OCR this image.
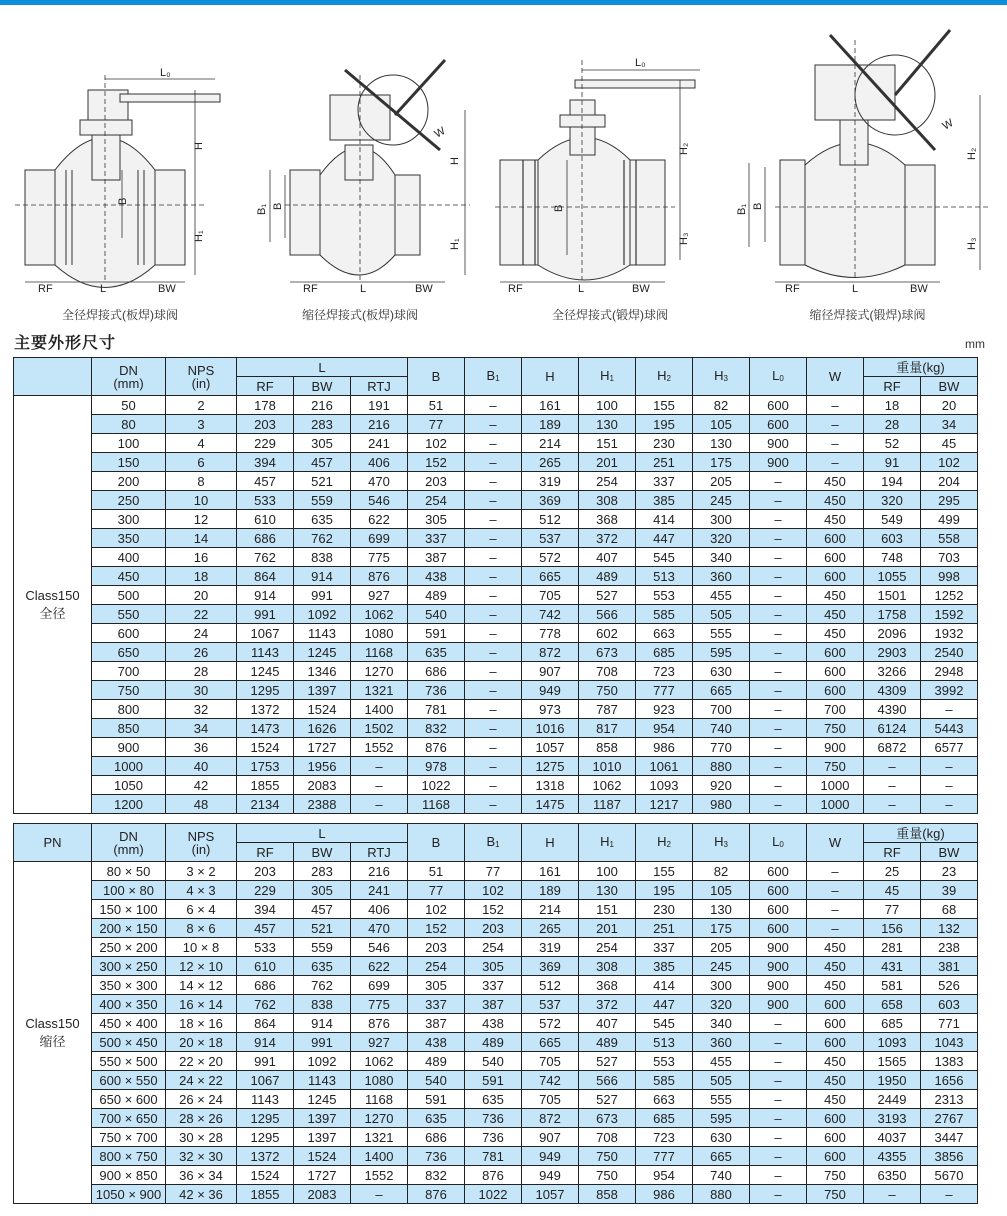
L₀
H
H₁
B
RF	L	BW
全径焊接式(板焊)球阀
W
H
H₁
B₁ B
RF	L	BW
缩径焊接式(板焊)球阀
L₀
H₂
H₃
B
RF	L	BW
全径焊接式(锻焊)球阀
W
H₂
H₃
B₁ B
RF	L	BW
缩径焊接式(锻焊)球阀
主要外形尺寸	mm

	DN
(mm)	NPS
(in)	L			B	$B_1$	H	$H_1$	$H_2$	$H_3$	$L_0$	W	重量(kg)	
			RF	BW	RTJ									RF	BW

Class150
全径	50	2	178	216	191	51	–	161	100	155	82	600	–	18	20
	80	3	203	283	216	77	–	189	130	195	105	600	–	28	34
	100	4	229	305	241	102	–	214	151	230	130	900	–	52	45
	150	6	394	457	406	152	–	265	201	251	175	900	–	91	102
	200	8	457	521	470	203	–	319	254	337	205	–	450	194	204
	250	10	533	559	546	254	–	369	308	385	245	–	450	320	295
	300	12	610	635	622	305	–	512	368	414	300	–	450	549	499
	350	14	686	762	699	337	–	537	372	447	320	–	600	603	558
	400	16	762	838	775	387	–	572	407	545	340	–	600	748	703
	450	18	864	914	876	438	–	665	489	513	360	–	600	1055	998
	500	20	914	991	927	489	–	705	527	553	455	–	450	1501	1252
	550	22	991	1092	1062	540	–	742	566	585	505	–	450	1758	1592
	600	24	1067	1143	1080	591	–	778	602	663	555	–	450	2096	1932
	650	26	1143	1245	1168	635	–	872	673	685	595	–	600	2903	2540
	700	28	1245	1346	1270	686	–	907	708	723	630	–	600	3266	2948
	750	30	1295	1397	1321	736	–	949	750	777	665	–	600	4309	3992
	800	32	1372	1524	1400	781	–	973	787	923	700	–	700	4390	–
	850	34	1473	1626	1502	832	–	1016	817	954	740	–	750	6124	5443
	900	36	1524	1727	1552	876	–	1057	858	986	770	–	900	6872	6577
	1000	40	1753	1956	–	978	–	1275	1010	1061	880	–	750	–	–
	1050	42	1855	2083	–	1022	–	1318	1062	1093	920	–	1000	–	–
	1200	48	2134	2388	–	1168	–	1475	1187	1217	980	–	1000	–	–
PN	DN
(mm)	NPS
(in)	L			B	$B_1$	H	$H_1$	$H_2$	$H_3$	$L_0$	W	重量(kg)	
			RF	BW	RTJ									RF	BW

Class150
缩径	80 × 50	3 × 2	203	283	216	51	77	161	100	155	82	600	–	25	23
	100 × 80	4 × 3	229	305	241	77	102	189	130	195	105	600	–	45	39
	150 × 100	6 × 4	394	457	406	102	152	214	151	230	130	600	–	77	68
	200 × 150	8 × 6	457	521	470	152	203	265	201	251	175	600	–	156	132
	250 × 200	10 × 8	533	559	546	203	254	319	254	337	205	900	450	281	238
	300 × 250	12 × 10	610	635	622	254	305	369	308	385	245	900	450	431	381
	350 × 300	14 × 12	686	762	699	305	337	512	368	414	300	900	450	581	526
	400 × 350	16 × 14	762	838	775	337	387	537	372	447	320	900	600	658	603
	450 × 400	18 × 16	864	914	876	387	438	572	407	545	340	–	600	685	771
	500 × 450	20 × 18	914	991	927	438	489	665	489	513	360	–	600	1093	1043
	550 × 500	22 × 20	991	1092	1062	489	540	705	527	553	455	–	450	1565	1383
	600 × 550	24 × 22	1067	1143	1080	540	591	742	566	585	505	–	450	1950	1656
	650 × 600	26 × 24	1143	1245	1168	591	635	705	527	663	555	–	450	2449	2313
	700 × 650	28 × 26	1295	1397	1270	635	736	872	673	685	595	–	600	3193	2767
	750 × 700	30 × 28	1295	1397	1321	686	736	907	708	723	630	–	600	4037	3447
	800 × 750	32 × 30	1372	1524	1400	736	781	949	750	777	665	–	600	4355	3856
	900 × 850	36 × 34	1524	1727	1552	832	876	949	750	954	740	–	750	6350	5670
	1050 × 900	42 × 36	1855	2083	–	876	1022	1057	858	986	880	–	750	–	–
